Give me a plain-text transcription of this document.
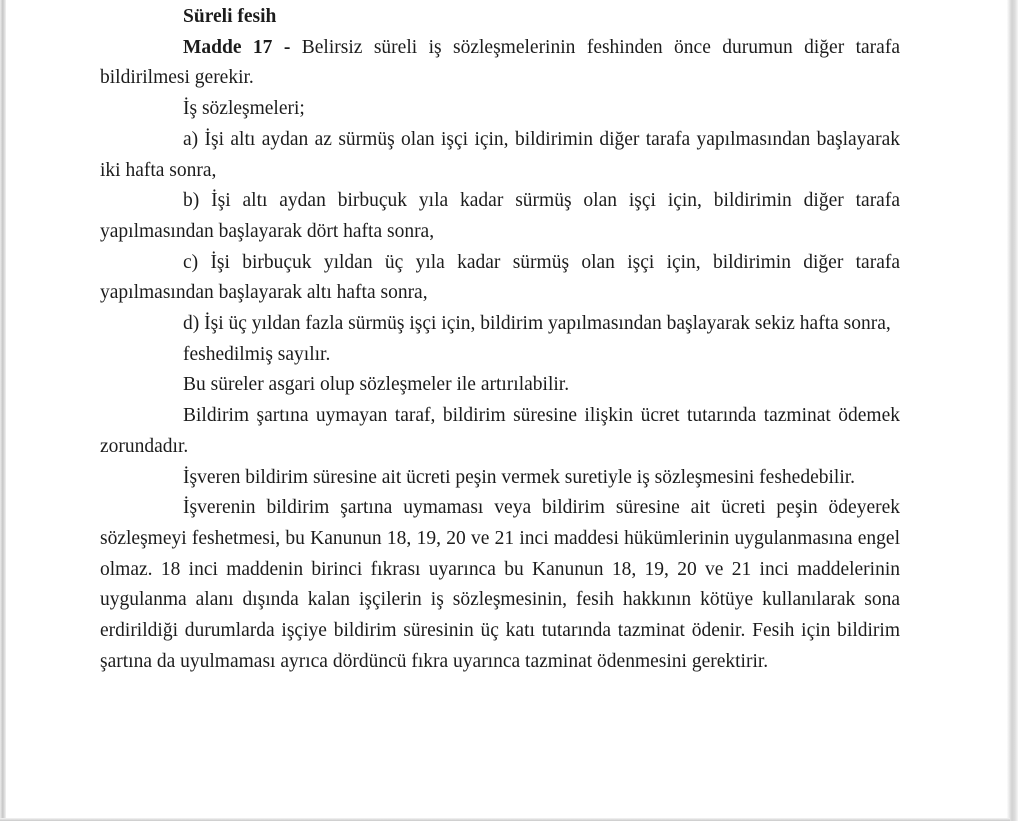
Süreli fesih

Madde 17 - Belirsiz süreli iş sözleşmelerinin feshinden önce durumun diğer tarafa bildirilmesi gerekir.

İş sözleşmeleri;

a) İşi altı aydan az sürmüş olan işçi için, bildirimin diğer tarafa yapılmasından başlayarak iki hafta sonra,

b) İşi altı aydan birbuçuk yıla kadar sürmüş olan işçi için, bildirimin diğer tarafa yapılmasından başlayarak dört hafta sonra,

c) İşi birbuçuk yıldan üç yıla kadar sürmüş olan işçi için, bildirimin diğer tarafa yapılmasından başlayarak altı hafta sonra,

d) İşi üç yıldan fazla sürmüş işçi için, bildirim yapılmasından başlayarak sekiz hafta sonra,

feshedilmiş sayılır.

Bu süreler asgari olup sözleşmeler ile artırılabilir.

Bildirim şartına uymayan taraf, bildirim süresine ilişkin ücret tutarında tazminat ödemek zorundadır.

İşveren bildirim süresine ait ücreti peşin vermek suretiyle iş sözleşmesini feshedebilir.

İşverenin bildirim şartına uymaması veya bildirim süresine ait ücreti peşin ödeyerek sözleşmeyi feshetmesi, bu Kanunun 18, 19, 20 ve 21 inci maddesi hükümlerinin uygulanmasına engel olmaz. 18 inci maddenin birinci fıkrası uyarınca bu Kanunun 18, 19, 20 ve 21 inci maddelerinin uygulanma alanı dışında kalan işçilerin iş sözleşmesinin, fesih hakkının kötüye kullanılarak sona erdirildiği durumlarda işçiye bildirim süresinin üç katı tutarında tazminat ödenir. Fesih için bildirim şartına da uyulmaması ayrıca dördüncü fıkra uyarınca tazminat ödenmesini gerektirir.
